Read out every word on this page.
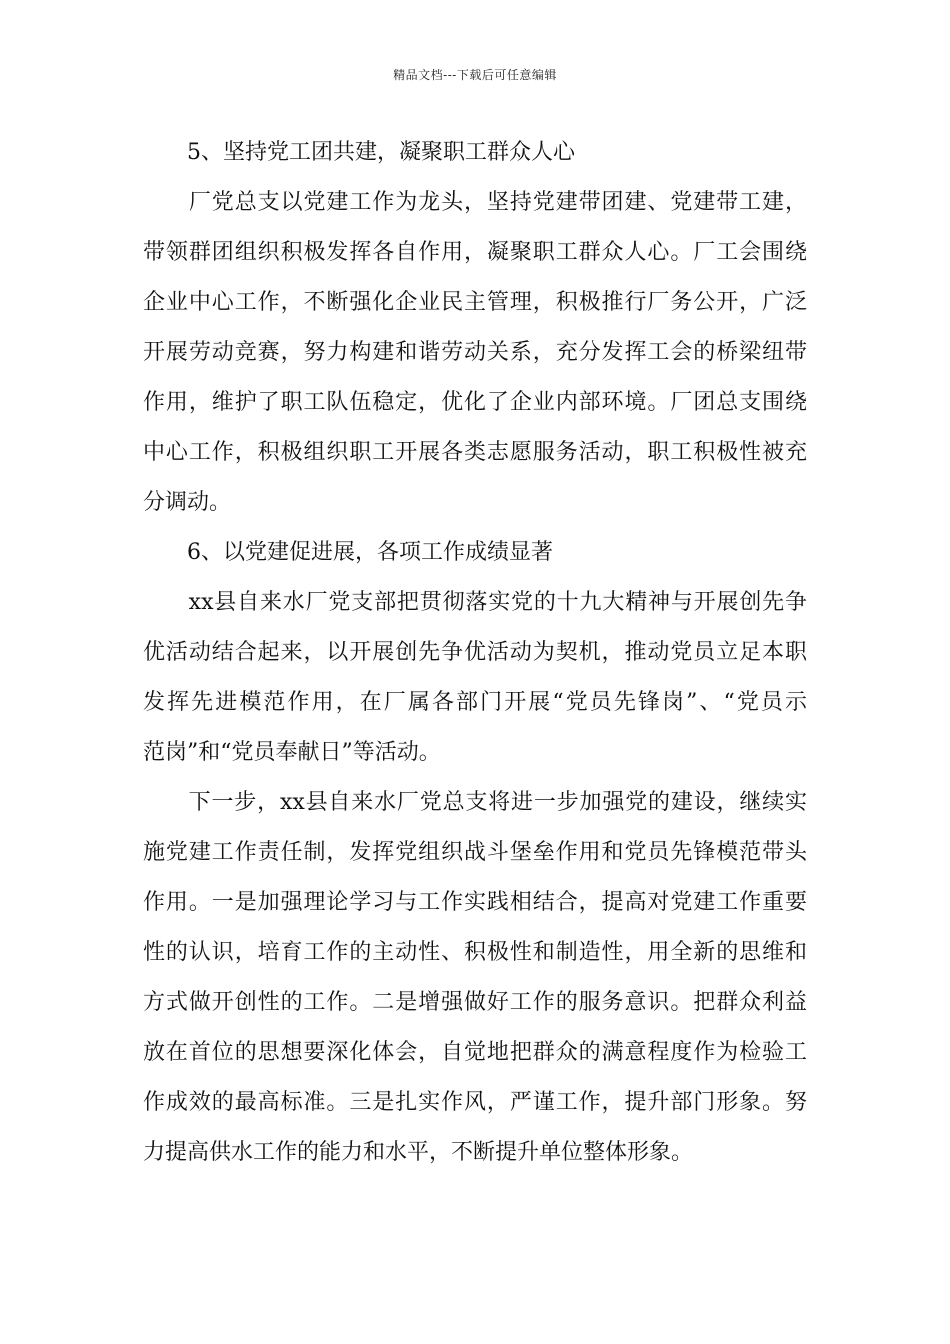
精品文档---下载后可任意编辑
　　5、坚持党工团共建，凝聚职工群众人心
　　厂党总支以党建工作为龙头，坚持党建带团建、党建带工建，
带领群团组织积极发挥各自作用，凝聚职工群众人心。厂工会围绕
企业中心工作，不断强化企业民主管理，积极推行厂务公开，广泛
开展劳动竞赛，努力构建和谐劳动关系，充分发挥工会的桥梁纽带
作用，维护了职工队伍稳定，优化了企业内部环境。厂团总支围绕
中心工作，积极组织职工开展各类志愿服务活动，职工积极性被充
分调动。
　　6、以党建促进展，各项工作成绩显著
　　xx县自来水厂党支部把贯彻落实党的十九大精神与开展创先争
优活动结合起来，以开展创先争优活动为契机，推动党员立足本职
发挥先进模范作用，在厂属各部门开展“党员先锋岗”、“党员示
范岗”和“党员奉献日”等活动。
　　下一步，xx县自来水厂党总支将进一步加强党的建设，继续实
施党建工作责任制，发挥党组织战斗堡垒作用和党员先锋模范带头
作用。一是加强理论学习与工作实践相结合，提高对党建工作重要
性的认识，培育工作的主动性、积极性和制造性，用全新的思维和
方式做开创性的工作。二是增强做好工作的服务意识。把群众利益
放在首位的思想要深化体会，自觉地把群众的满意程度作为检验工
作成效的最高标准。三是扎实作风，严谨工作，提升部门形象。努
力提高供水工作的能力和水平，不断提升单位整体形象。
